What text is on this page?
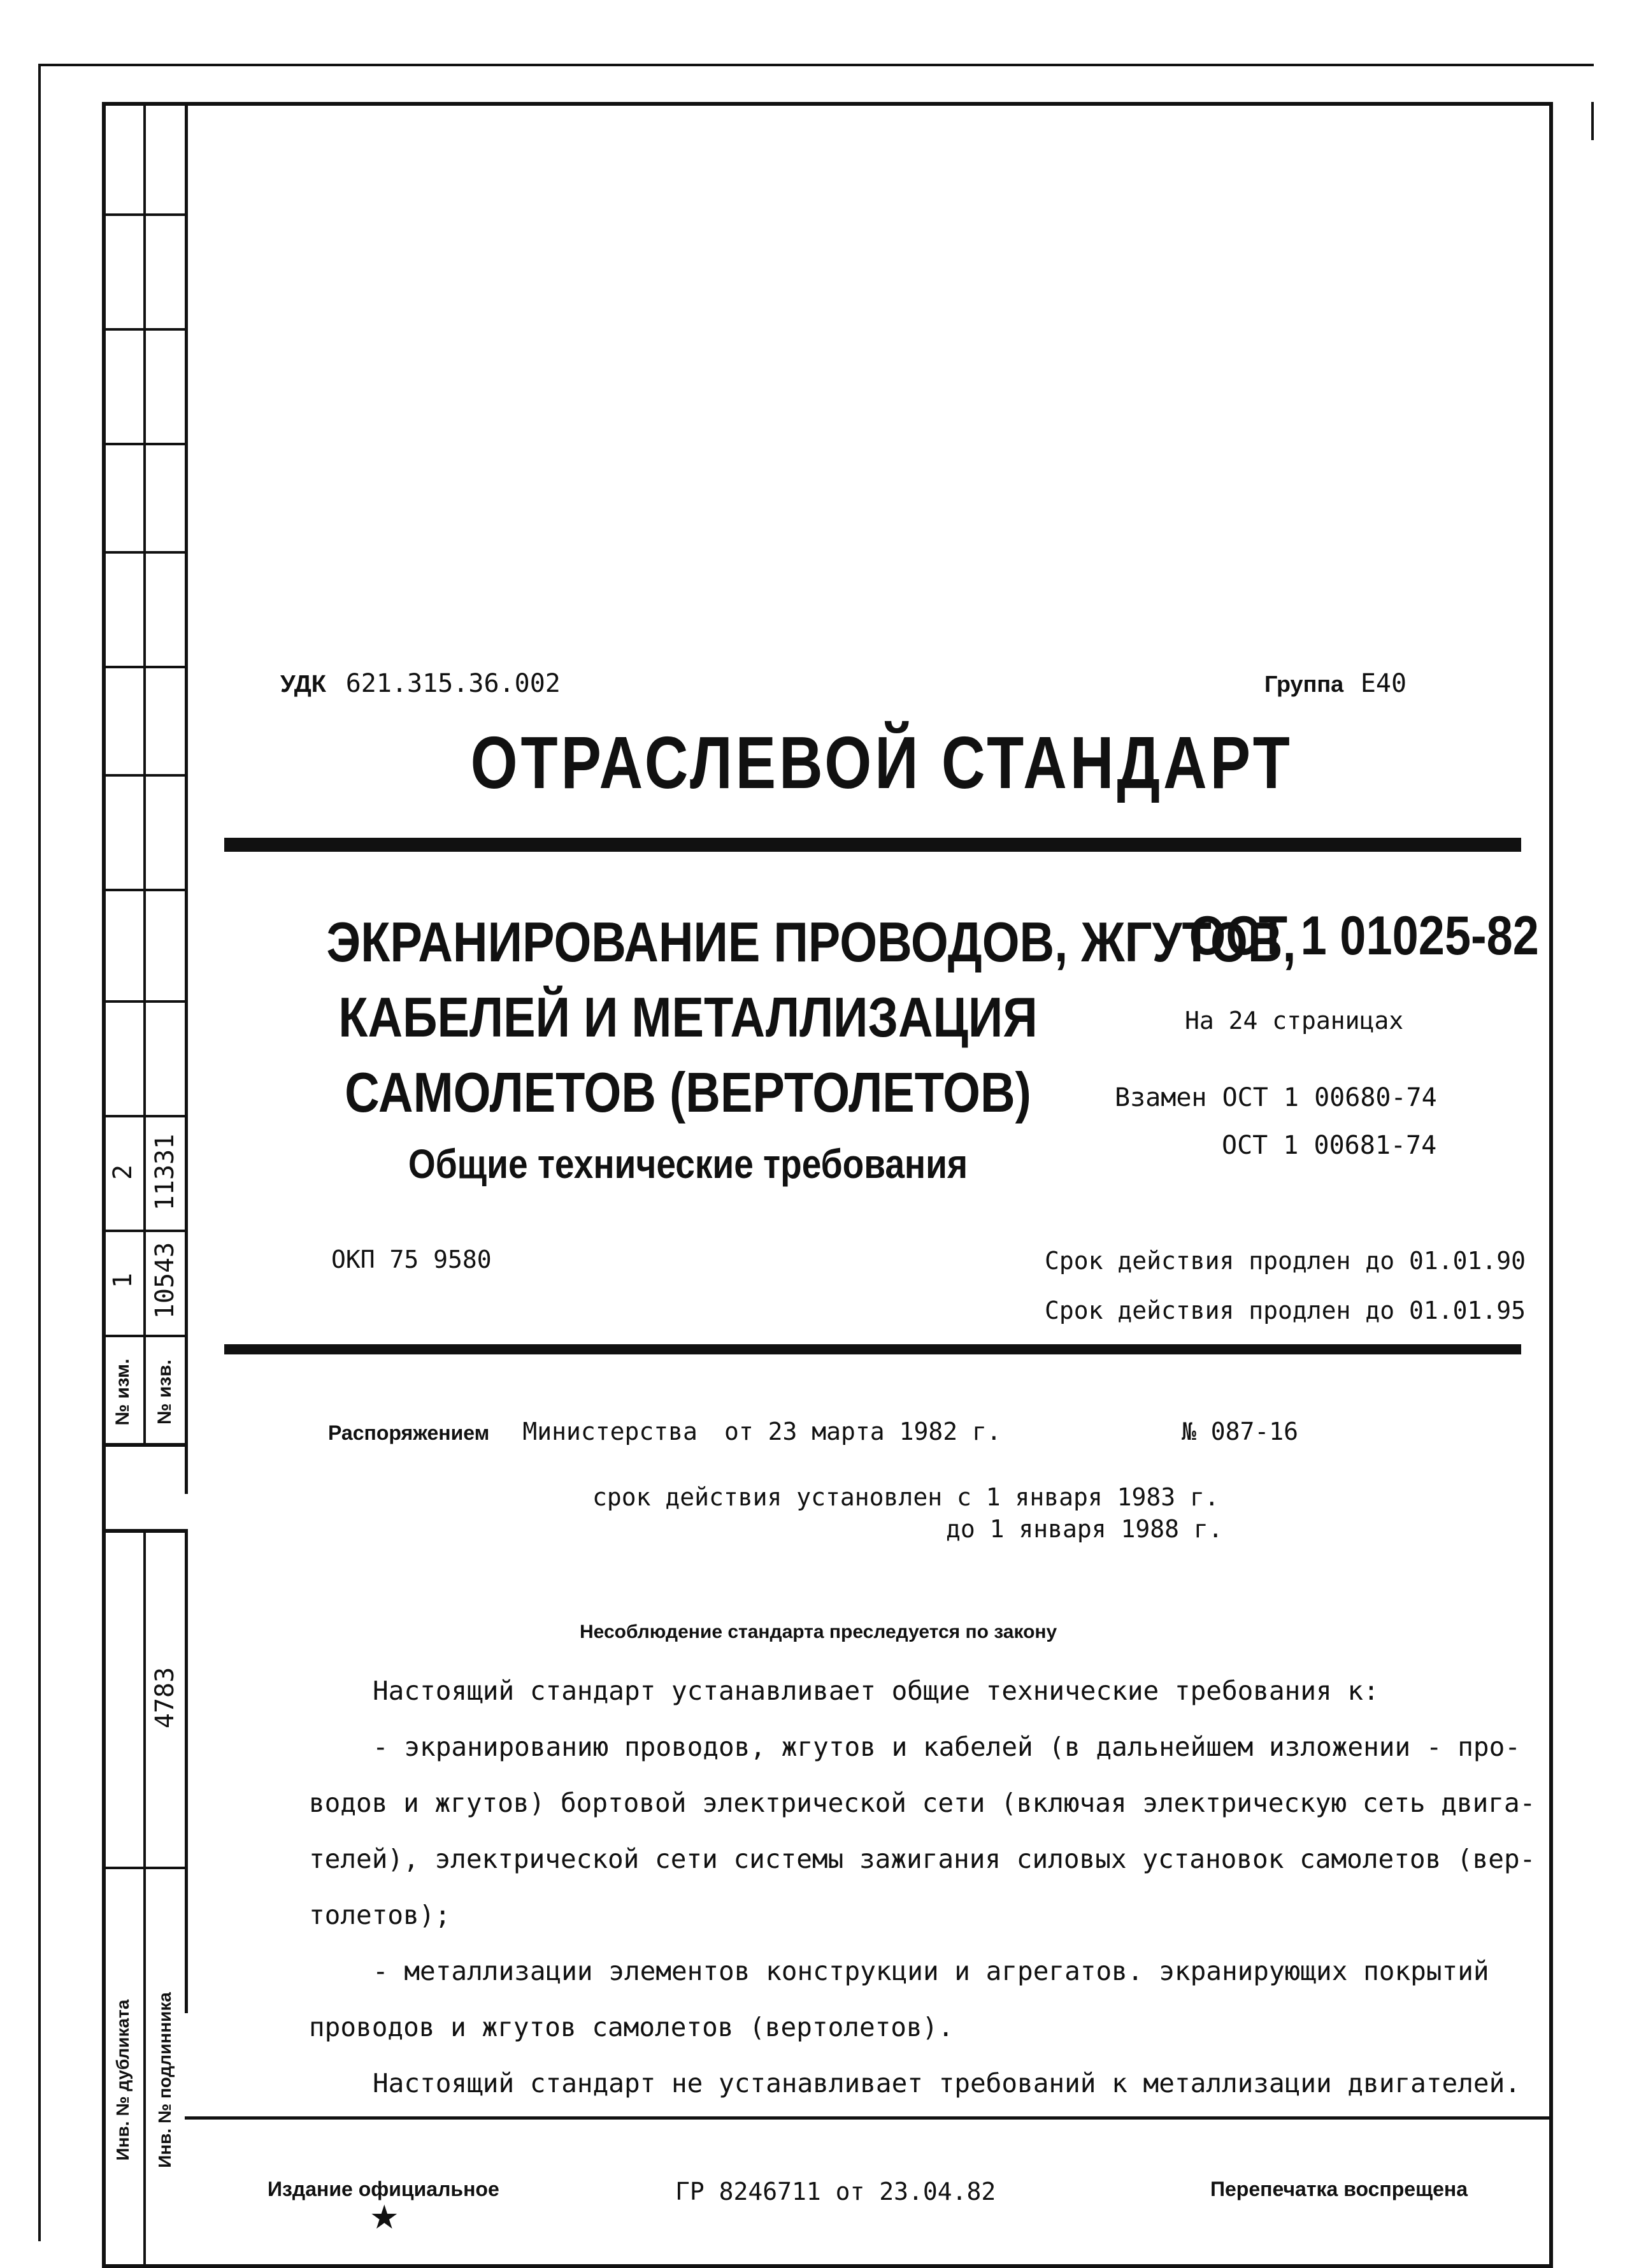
2 11331
1 10543
№ изм. № изв.
4783
Инв. № дубликата Инв. № подлинника
УДК 621.315.36.002	Группа Е40
ОТРАСЛЕВОЙ СТАНДАРТ
ЭКРАНИРОВАНИЕ ПРОВОДОВ, ЖГУТОВ,
КАБЕЛЕЙ И МЕТАЛЛИЗАЦИЯ
САМОЛЕТОВ (ВЕРТОЛЕТОВ)
Общие технические требования
ОСТ 1 01025-82
На 24 страницах
Взамен ОСТ 1 00680-74
ОСТ 1 00681-74
ОКП 75 9580	Срок действия продлен до 01.01.90
Срок действия продлен до 01.01.95
Распоряжением Министерства от 23 марта 1982 г.	№ 087-16
срок действия установлен с 1 января 1983 г.
до 1 января 1988 г.
Несоблюдение стандарта преследуется по закону

Настоящий стандарт устанавливает общие технические требования к:

- экранированию проводов, жгутов и кабелей (в дальнейшем изложении - про-

водов и жгутов) бортовой электрической сети (включая электрическую сеть двига-

телей), электрической сети системы зажигания силовых установок самолетов (вер-

толетов);

- металлизации элементов конструкции и агрегатов. экранирующих покрытий

проводов и жгутов самолетов (вертолетов).

Настоящий стандарт не устанавливает требований к металлизации двигателей.

Издание официальное
★
ГР 8246711 от 23.04.82	Перепечатка воспрещена
